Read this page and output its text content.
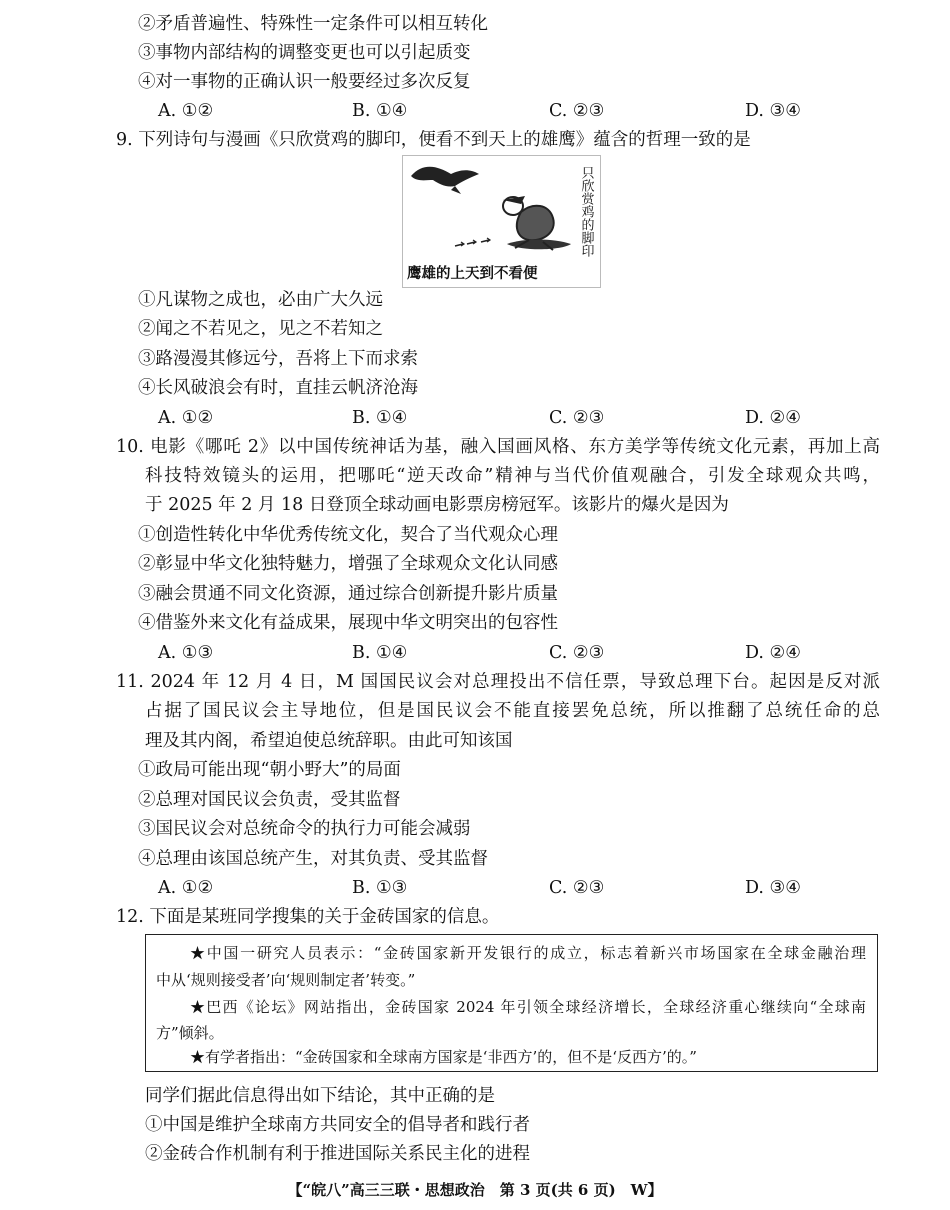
②矛盾普遍性、特殊性一定条件可以相互转化
③事物内部结构的调整变更也可以引起质变
④对一事物的正确认识一般要经过多次反复
A. ①②	B. ①④	C. ②③	D. ③④
9. 下列诗句与漫画《只欣赏鸡的脚印，便看不到天上的雄鹰》蕴含的哲理一致的是
只欣赏鸡的脚印
鹰雄的上天到不看便
①凡谋物之成也，必由广大久远
②闻之不若见之，见之不若知之
③路漫漫其修远兮，吾将上下而求索
④长风破浪会有时，直挂云帆济沧海
A. ①②	B. ①④	C. ②③	D. ②④
10. 电影《哪吒 2》以中国传统神话为基，融入国画风格、东方美学等传统文化元素，再加上高
科技特效镜头的运用，把哪吒“逆天改命”精神与当代价值观融合，引发全球观众共鸣，
于 2025 年 2 月 18 日登顶全球动画电影票房榜冠军。该影片的爆火是因为
①创造性转化中华优秀传统文化，契合了当代观众心理
②彰显中华文化独特魅力，增强了全球观众文化认同感
③融会贯通不同文化资源，通过综合创新提升影片质量
④借鉴外来文化有益成果，展现中华文明突出的包容性
A. ①③	B. ①④	C. ②③	D. ②④
11. 2024 年 12 月 4 日，M 国国民议会对总理投出不信任票，导致总理下台。起因是反对派
占据了国民议会主导地位，但是国民议会不能直接罢免总统，所以推翻了总统任命的总
理及其内阁，希望迫使总统辞职。由此可知该国
①政局可能出现“朝小野大”的局面
②总理对国民议会负责，受其监督
③国民议会对总统命令的执行力可能会减弱
④总理由该国总统产生，对其负责、受其监督
A. ①②	B. ①③	C. ②③	D. ③④
12. 下面是某班同学搜集的关于金砖国家的信息。
★中国一研究人员表示：“金砖国家新开发银行的成立，标志着新兴市场国家在全球金融治理
中从‘规则接受者’向‘规则制定者’转变。”
★巴西《论坛》网站指出，金砖国家 2024 年引领全球经济增长，全球经济重心继续向“全球南
方”倾斜。
★有学者指出：“金砖国家和全球南方国家是‘非西方’的，但不是‘反西方’的。”
同学们据此信息得出如下结论，其中正确的是
①中国是维护全球南方共同安全的倡导者和践行者
②金砖合作机制有利于推进国际关系民主化的进程
【“皖八”高三三联・思想政治　第 3 页(共 6 页)　W】
